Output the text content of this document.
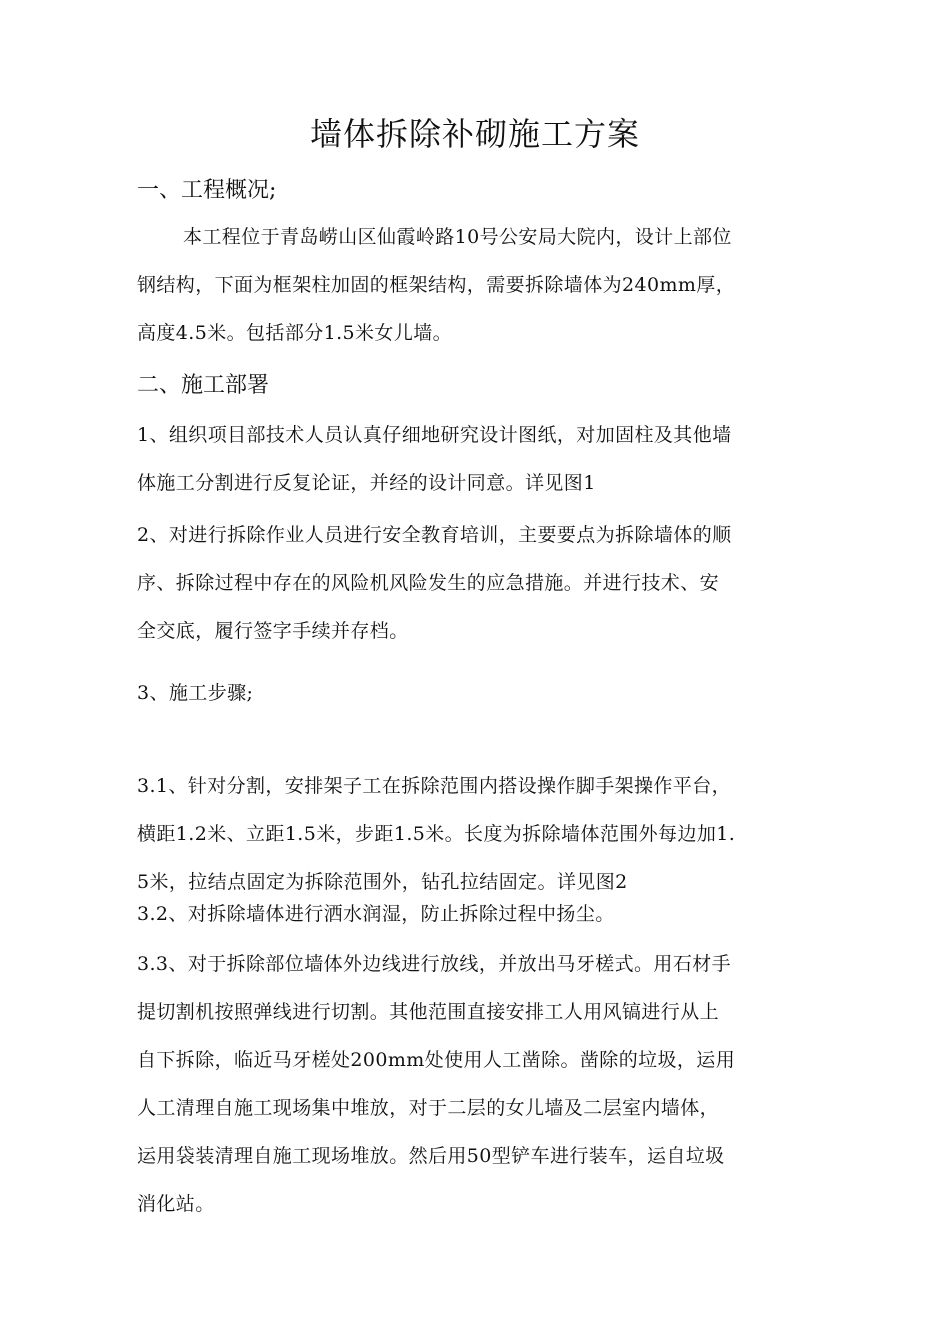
墙体拆除补砌施工方案
一、工程概况;
本工程位于青岛崂山区仙霞岭路10号公安局大院内，设计上部位
钢结构，下面为框架柱加固的框架结构，需要拆除墙体为240mm厚，
高度4.5米。包括部分1.5米女儿墙。
二、施工部署
1、组织项目部技术人员认真仔细地研究设计图纸，对加固柱及其他墙
体施工分割进行反复论证，并经的设计同意。详见图1
2、对进行拆除作业人员进行安全教育培训，主要要点为拆除墙体的顺
序、拆除过程中存在的风险机风险发生的应急措施。并进行技术、安
全交底，履行签字手续并存档。
3、施工步骤;
3.1、针对分割，安排架子工在拆除范围内搭设操作脚手架操作平台，
横距1.2米、立距1.5米，步距1.5米。长度为拆除墙体范围外每边加1.
5米，拉结点固定为拆除范围外，钻孔拉结固定。详见图2
3.2、对拆除墙体进行洒水润湿，防止拆除过程中扬尘。
3.3、对于拆除部位墙体外边线进行放线，并放出马牙槎式。用石材手
提切割机按照弹线进行切割。其他范围直接安排工人用风镐进行从上
自下拆除，临近马牙槎处200mm处使用人工凿除。凿除的垃圾，运用
人工清理自施工现场集中堆放，对于二层的女儿墙及二层室内墙体，
运用袋装清理自施工现场堆放。然后用50型铲车进行装车，运自垃圾
消化站。
